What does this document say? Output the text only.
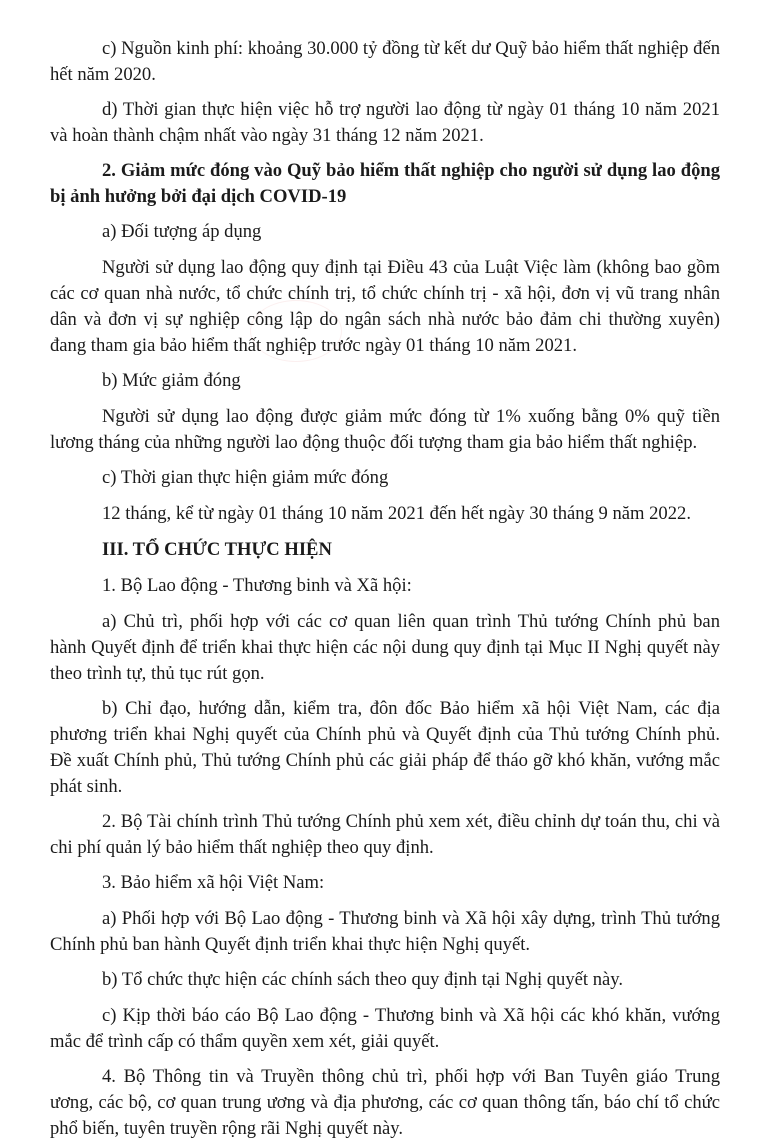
c) Nguồn kinh phí: khoảng 30.000 tỷ đồng từ kết dư Quỹ bảo hiểm thất nghiệp đến hết năm 2020.

d) Thời gian thực hiện việc hỗ trợ người lao động từ ngày 01 tháng 10 năm 2021 và hoàn thành chậm nhất vào ngày 31 tháng 12 năm 2021.

2. Giảm mức đóng vào Quỹ bảo hiểm thất nghiệp cho người sử dụng lao động bị ảnh hưởng bởi đại dịch COVID-19

a) Đối tượng áp dụng

Người sử dụng lao động quy định tại Điều 43 của Luật Việc làm (không bao gồm các cơ quan nhà nước, tổ chức chính trị, tổ chức chính trị - xã hội, đơn vị vũ trang nhân dân và đơn vị sự nghiệp công lập do ngân sách nhà nước bảo đảm chi thường xuyên) đang tham gia bảo hiểm thất nghiệp trước ngày 01 tháng 10 năm 2021.

b) Mức giảm đóng

Người sử dụng lao động được giảm mức đóng từ 1% xuống bằng 0% quỹ tiền lương tháng của những người lao động thuộc đối tượng tham gia bảo hiểm thất nghiệp.

c) Thời gian thực hiện giảm mức đóng

12 tháng, kể từ ngày 01 tháng 10 năm 2021 đến hết ngày 30 tháng 9 năm 2022.

III. TỔ CHỨC THỰC HIỆN

1. Bộ Lao động - Thương binh và Xã hội:

a) Chủ trì, phối hợp với các cơ quan liên quan trình Thủ tướng Chính phủ ban hành Quyết định để triển khai thực hiện các nội dung quy định tại Mục II Nghị quyết này theo trình tự, thủ tục rút gọn.

b) Chỉ đạo, hướng dẫn, kiểm tra, đôn đốc Bảo hiểm xã hội Việt Nam, các địa phương triển khai Nghị quyết của Chính phủ và Quyết định của Thủ tướng Chính phủ. Đề xuất Chính phủ, Thủ tướng Chính phủ các giải pháp để tháo gỡ khó khăn, vướng mắc phát sinh.

2. Bộ Tài chính trình Thủ tướng Chính phủ xem xét, điều chỉnh dự toán thu, chi và chi phí quản lý bảo hiểm thất nghiệp theo quy định.

3. Bảo hiểm xã hội Việt Nam:

a) Phối hợp với Bộ Lao động - Thương binh và Xã hội xây dựng, trình Thủ tướng Chính phủ ban hành Quyết định triển khai thực hiện Nghị quyết.

b) Tổ chức thực hiện các chính sách theo quy định tại Nghị quyết này.

c) Kịp thời báo cáo Bộ Lao động - Thương binh và Xã hội các khó khăn, vướng mắc để trình cấp có thẩm quyền xem xét, giải quyết.

4. Bộ Thông tin và Truyền thông chủ trì, phối hợp với Ban Tuyên giáo Trung ương, các bộ, cơ quan trung ương và địa phương, các cơ quan thông tấn, báo chí tổ chức phổ biến, tuyên truyền rộng rãi Nghị quyết này.
